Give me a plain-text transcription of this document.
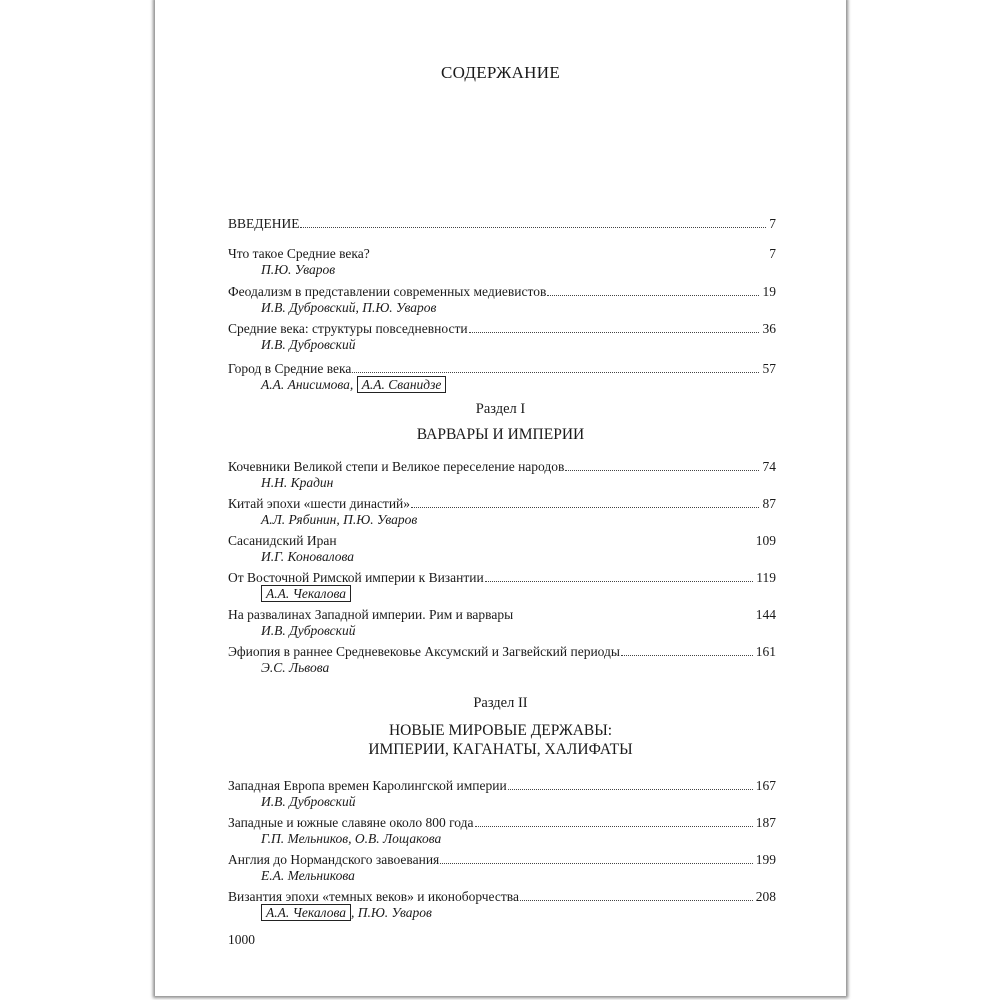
СОДЕРЖАНИЕ
ВВЕДЕНИЕ	7
Что такое Средние века?	7
П.Ю. Уваров
Феодализм в представлении современных медиевистов	19
И.В. Дубровский, П.Ю. Уваров
Средние века: структуры повседневности	36
И.В. Дубровский
Город в Средние века	57
А.А. Анисимова, А.А. Сванидзе
Раздел I
ВАРВАРЫ И ИМПЕРИИ
Кочевники Великой степи и Великое переселение народов	74
Н.Н. Крадин
Китай эпохи «шести династий»	87
А.Л. Рябинин, П.Ю. Уваров
Сасанидский Иран	109
И.Г. Коновалова
От Восточной Римской империи к Византии	119
А.А. Чекалова
На развалинах Западной империи. Рим и варвары	144
И.В. Дубровский
Эфиопия в раннее Средневековье Аксумский и Загвейский периоды	161
Э.С. Львова
Раздел II
НОВЫЕ МИРОВЫЕ ДЕРЖАВЫ:
ИМПЕРИИ, КАГАНАТЫ, ХАЛИФАТЫ
Западная Европа времен Каролингской империи	167
И.В. Дубровский
Западные и южные славяне около 800 года	187
Г.П. Мельников, О.В. Лощакова
Англия до Нормандского завоевания	199
Е.А. Мельникова
Византия эпохи «темных веков» и иконоборчества	208
А.А. Чекалова , П.Ю. Уваров
1000
